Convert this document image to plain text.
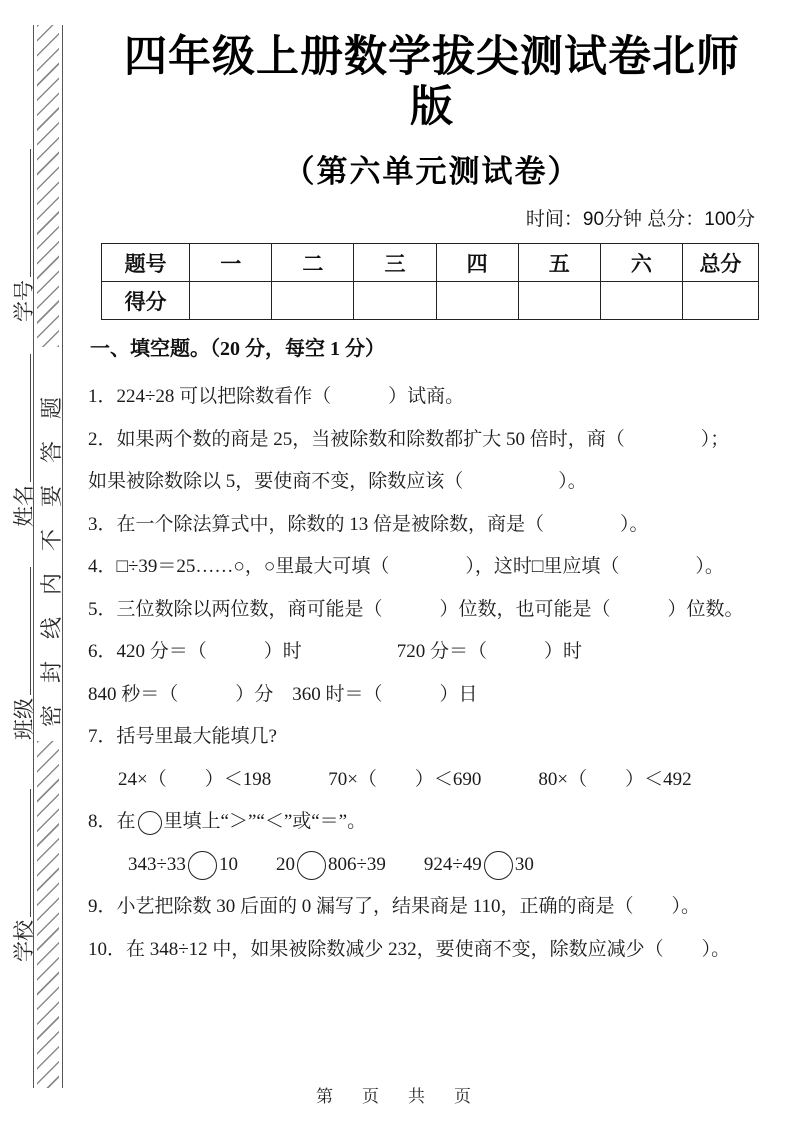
密封线内不要答题
学号
姓名
班级
学校
四年级上册数学拔尖测试卷北师版
（第六单元测试卷）
时间：90分钟 总分：100分
题号	一	二	三	四	五	六	总分
得分							
一、填空题。（20 分，每空 1 分）
1．224÷28 可以把除数看作（　　　）试商。
2．如果两个数的商是 25，当被除数和除数都扩大 50 倍时，商（　　　　）；
如果被除数除以 5，要使商不变，除数应该（　　　　　）。
3．在一个除法算式中，除数的 13 倍是被除数，商是（　　　　）。
4．□÷39＝25……○，○里最大可填（　　　　），这时□里应填（　　　　）。
5．三位数除以两位数，商可能是（　　　）位数，也可能是（　　　）位数。
6．420 分＝（　　　）时　　　　　720 分＝（　　　）时
840 秒＝（　　　）分　360 时＝（　　　）日
7．括号里最大能填几?
24×（　　）＜198　　　70×（　　）＜690　　　80×（　　）＜492
8．在 里填上“＞”“＜”或“＝”。
343÷33 10　　20 806÷39　　924÷49 30
9．小艺把除数 30 后面的 0 漏写了，结果商是 110，正确的商是（　　）。
10．在 348÷12 中，如果被除数减少 232，要使商不变，除数应减少（　　）。
第　页　共　页
